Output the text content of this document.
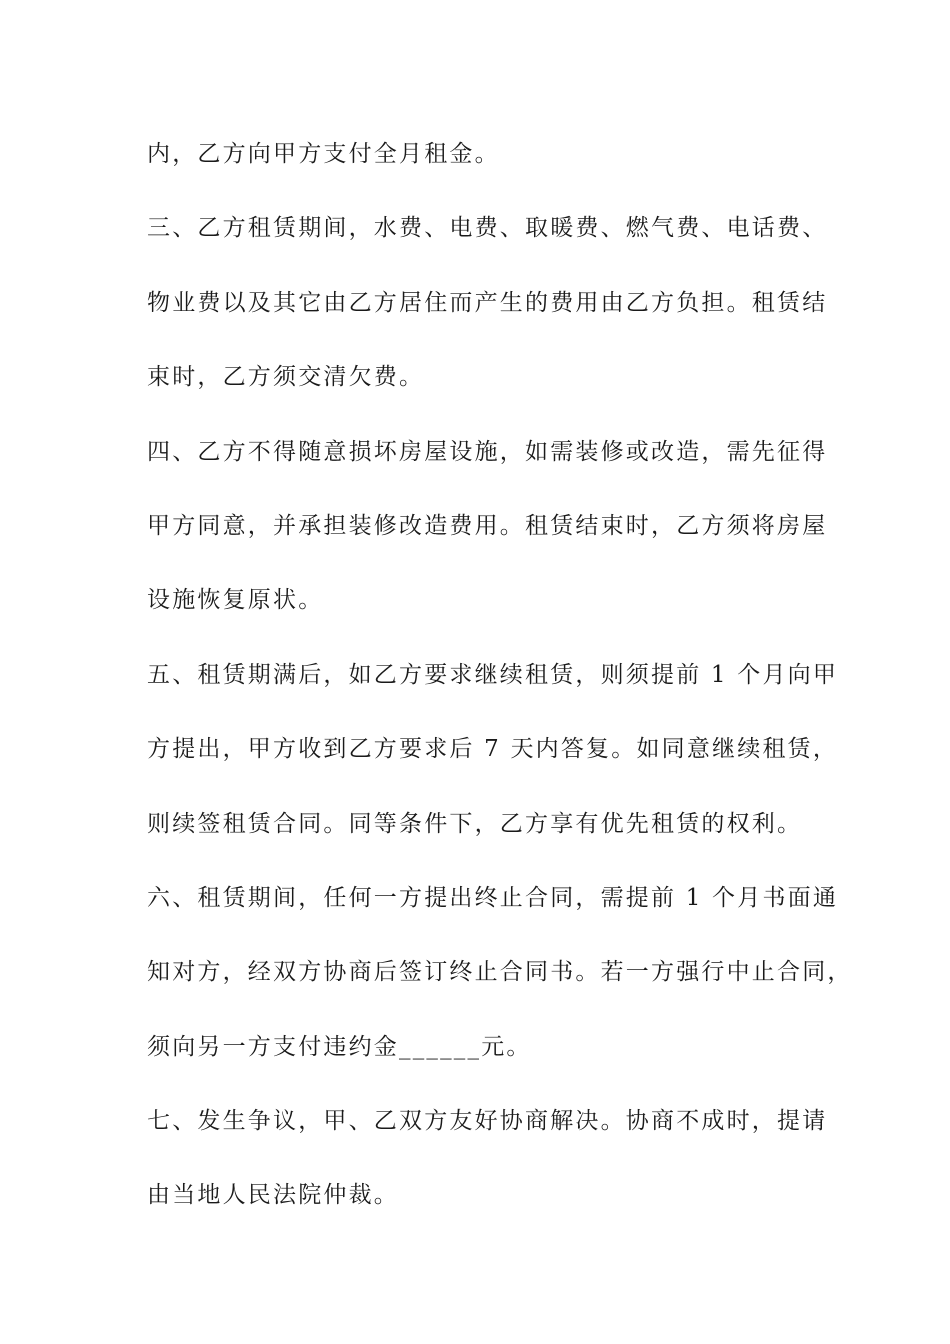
内，乙方向甲方支付全月租金。
三、乙方租赁期间，水费、电费、取暖费、燃气费、电话费、
物业费以及其它由乙方居住而产生的费用由乙方负担。租赁结
束时，乙方须交清欠费。
四、乙方不得随意损坏房屋设施，如需装修或改造，需先征得
甲方同意，并承担装修改造费用。租赁结束时，乙方须将房屋
设施恢复原状。
五、租赁期满后，如乙方要求继续租赁，则须提前 1 个月向甲
方提出，甲方收到乙方要求后 7 天内答复。如同意继续租赁，
则续签租赁合同。同等条件下，乙方享有优先租赁的权利。
六、租赁期间，任何一方提出终止合同，需提前 1 个月书面通
知对方，经双方协商后签订终止合同书。若一方强行中止合同，
须向另一方支付违约金______元。
七、发生争议，甲、乙双方友好协商解决。协商不成时，提请
由当地人民法院仲裁。
